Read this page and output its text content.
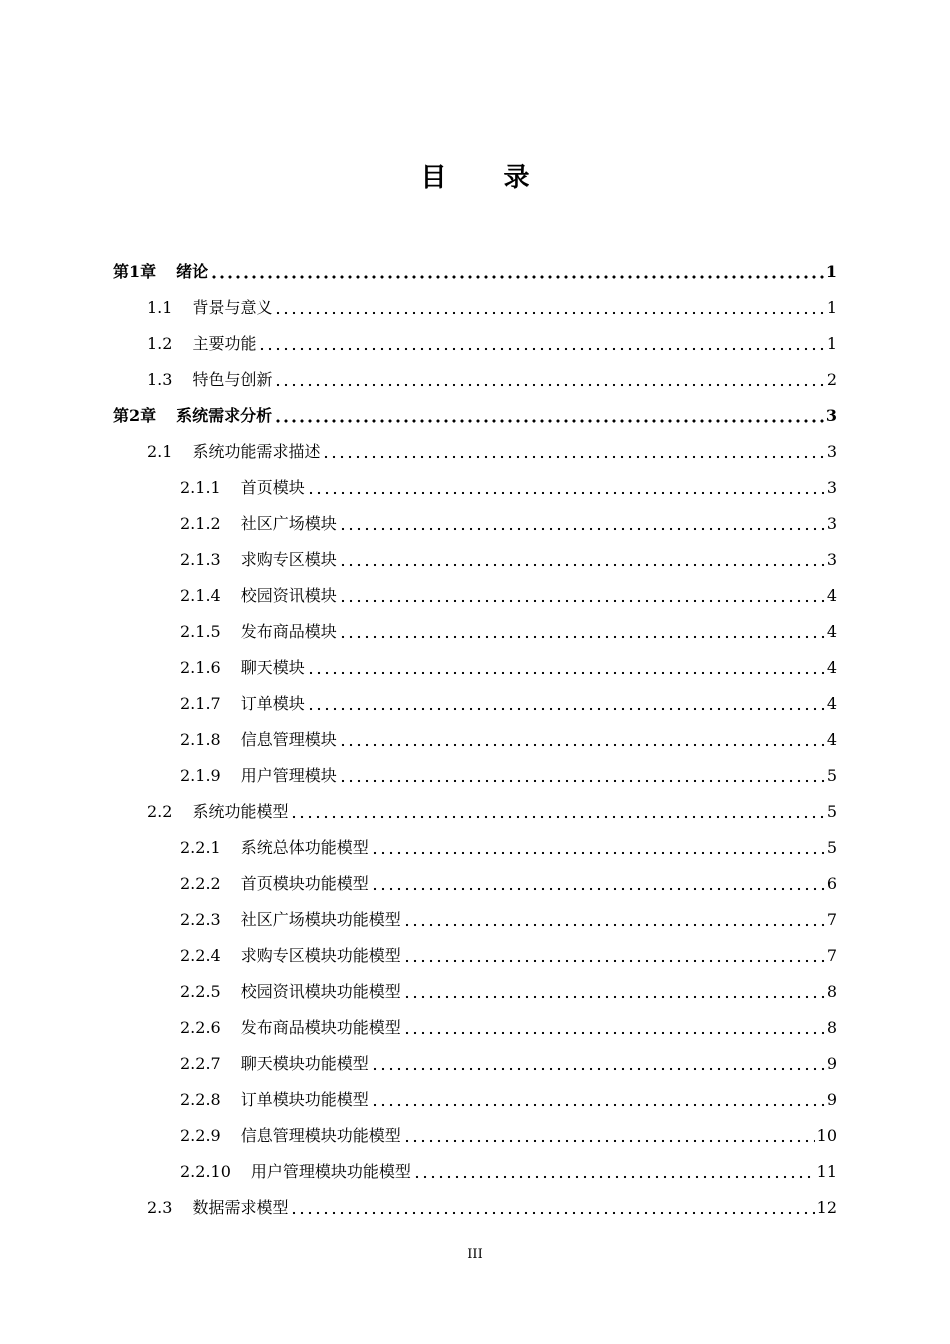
目 录
第1章 绪论	1
1.1 背景与意义	1
1.2 主要功能	1
1.3 特色与创新	2
第2章 系统需求分析	3
2.1 系统功能需求描述	3
2.1.1 首页模块	3
2.1.2 社区广场模块	3
2.1.3 求购专区模块	3
2.1.4 校园资讯模块	4
2.1.5 发布商品模块	4
2.1.6 聊天模块	4
2.1.7 订单模块	4
2.1.8 信息管理模块	4
2.1.9 用户管理模块	5
2.2 系统功能模型	5
2.2.1 系统总体功能模型	5
2.2.2 首页模块功能模型	6
2.2.3 社区广场模块功能模型	7
2.2.4 求购专区模块功能模型	7
2.2.5 校园资讯模块功能模型	8
2.2.6 发布商品模块功能模型	8
2.2.7 聊天模块功能模型	9
2.2.8 订单模块功能模型	9
2.2.9 信息管理模块功能模型	10
2.2.10 用户管理模块功能模型	11
2.3 数据需求模型	12
III
